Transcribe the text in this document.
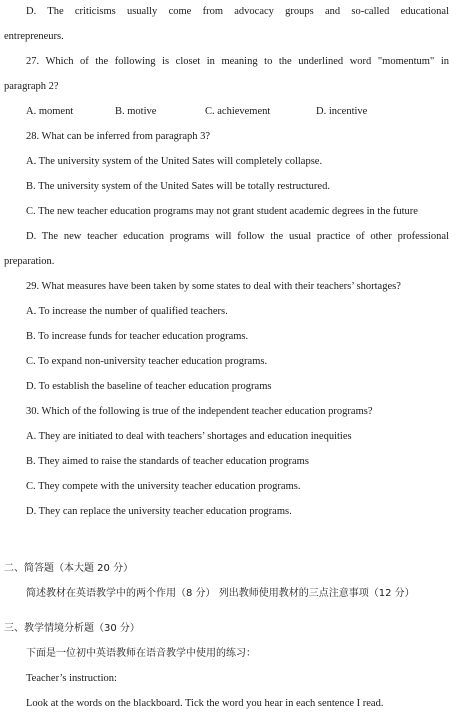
D. The criticisms usually come from advocacy groups and so-called educational
entrepreneurs.
27. Which of the following is closet in meaning to the underlined word "momentum" in
paragraph 2?
A. moment	B. motive	C. achievement	D. incentive
28. What can be inferred from paragraph 3?
A. The university system of the United Sates will completely collapse.
B. The university system of the United Sates will be totally restructured.
C. The new teacher education programs may not grant student academic degrees in the future
D. The new teacher education programs will follow the usual practice of other professional
preparation.
29. What measures have been taken by some states to deal with their teachers’ shortages?
A. To increase the number of qualified teachers.
B. To increase funds for teacher education programs.
C. To expand non-university teacher education programs.
D. To establish the baseline of teacher education programs
30. Which of the following is true of the independent teacher education programs?
A. They are initiated to deal with teachers’ shortages and education inequities
B. They aimed to raise the standards of teacher education programs
C. They compete with the university teacher education programs.
D. They can replace the university teacher education programs.
二、简答题（本大题 20 分）
简述教材在英语教学中的两个作用（8 分） 列出教师使用教材的三点注意事项（12 分）
三、教学情境分析题（30 分）
下面是一位初中英语教师在语音教学中使用的练习：
Teacher’s instruction:
Look at the words on the blackboard. Tick the word you hear in each sentence I read.
